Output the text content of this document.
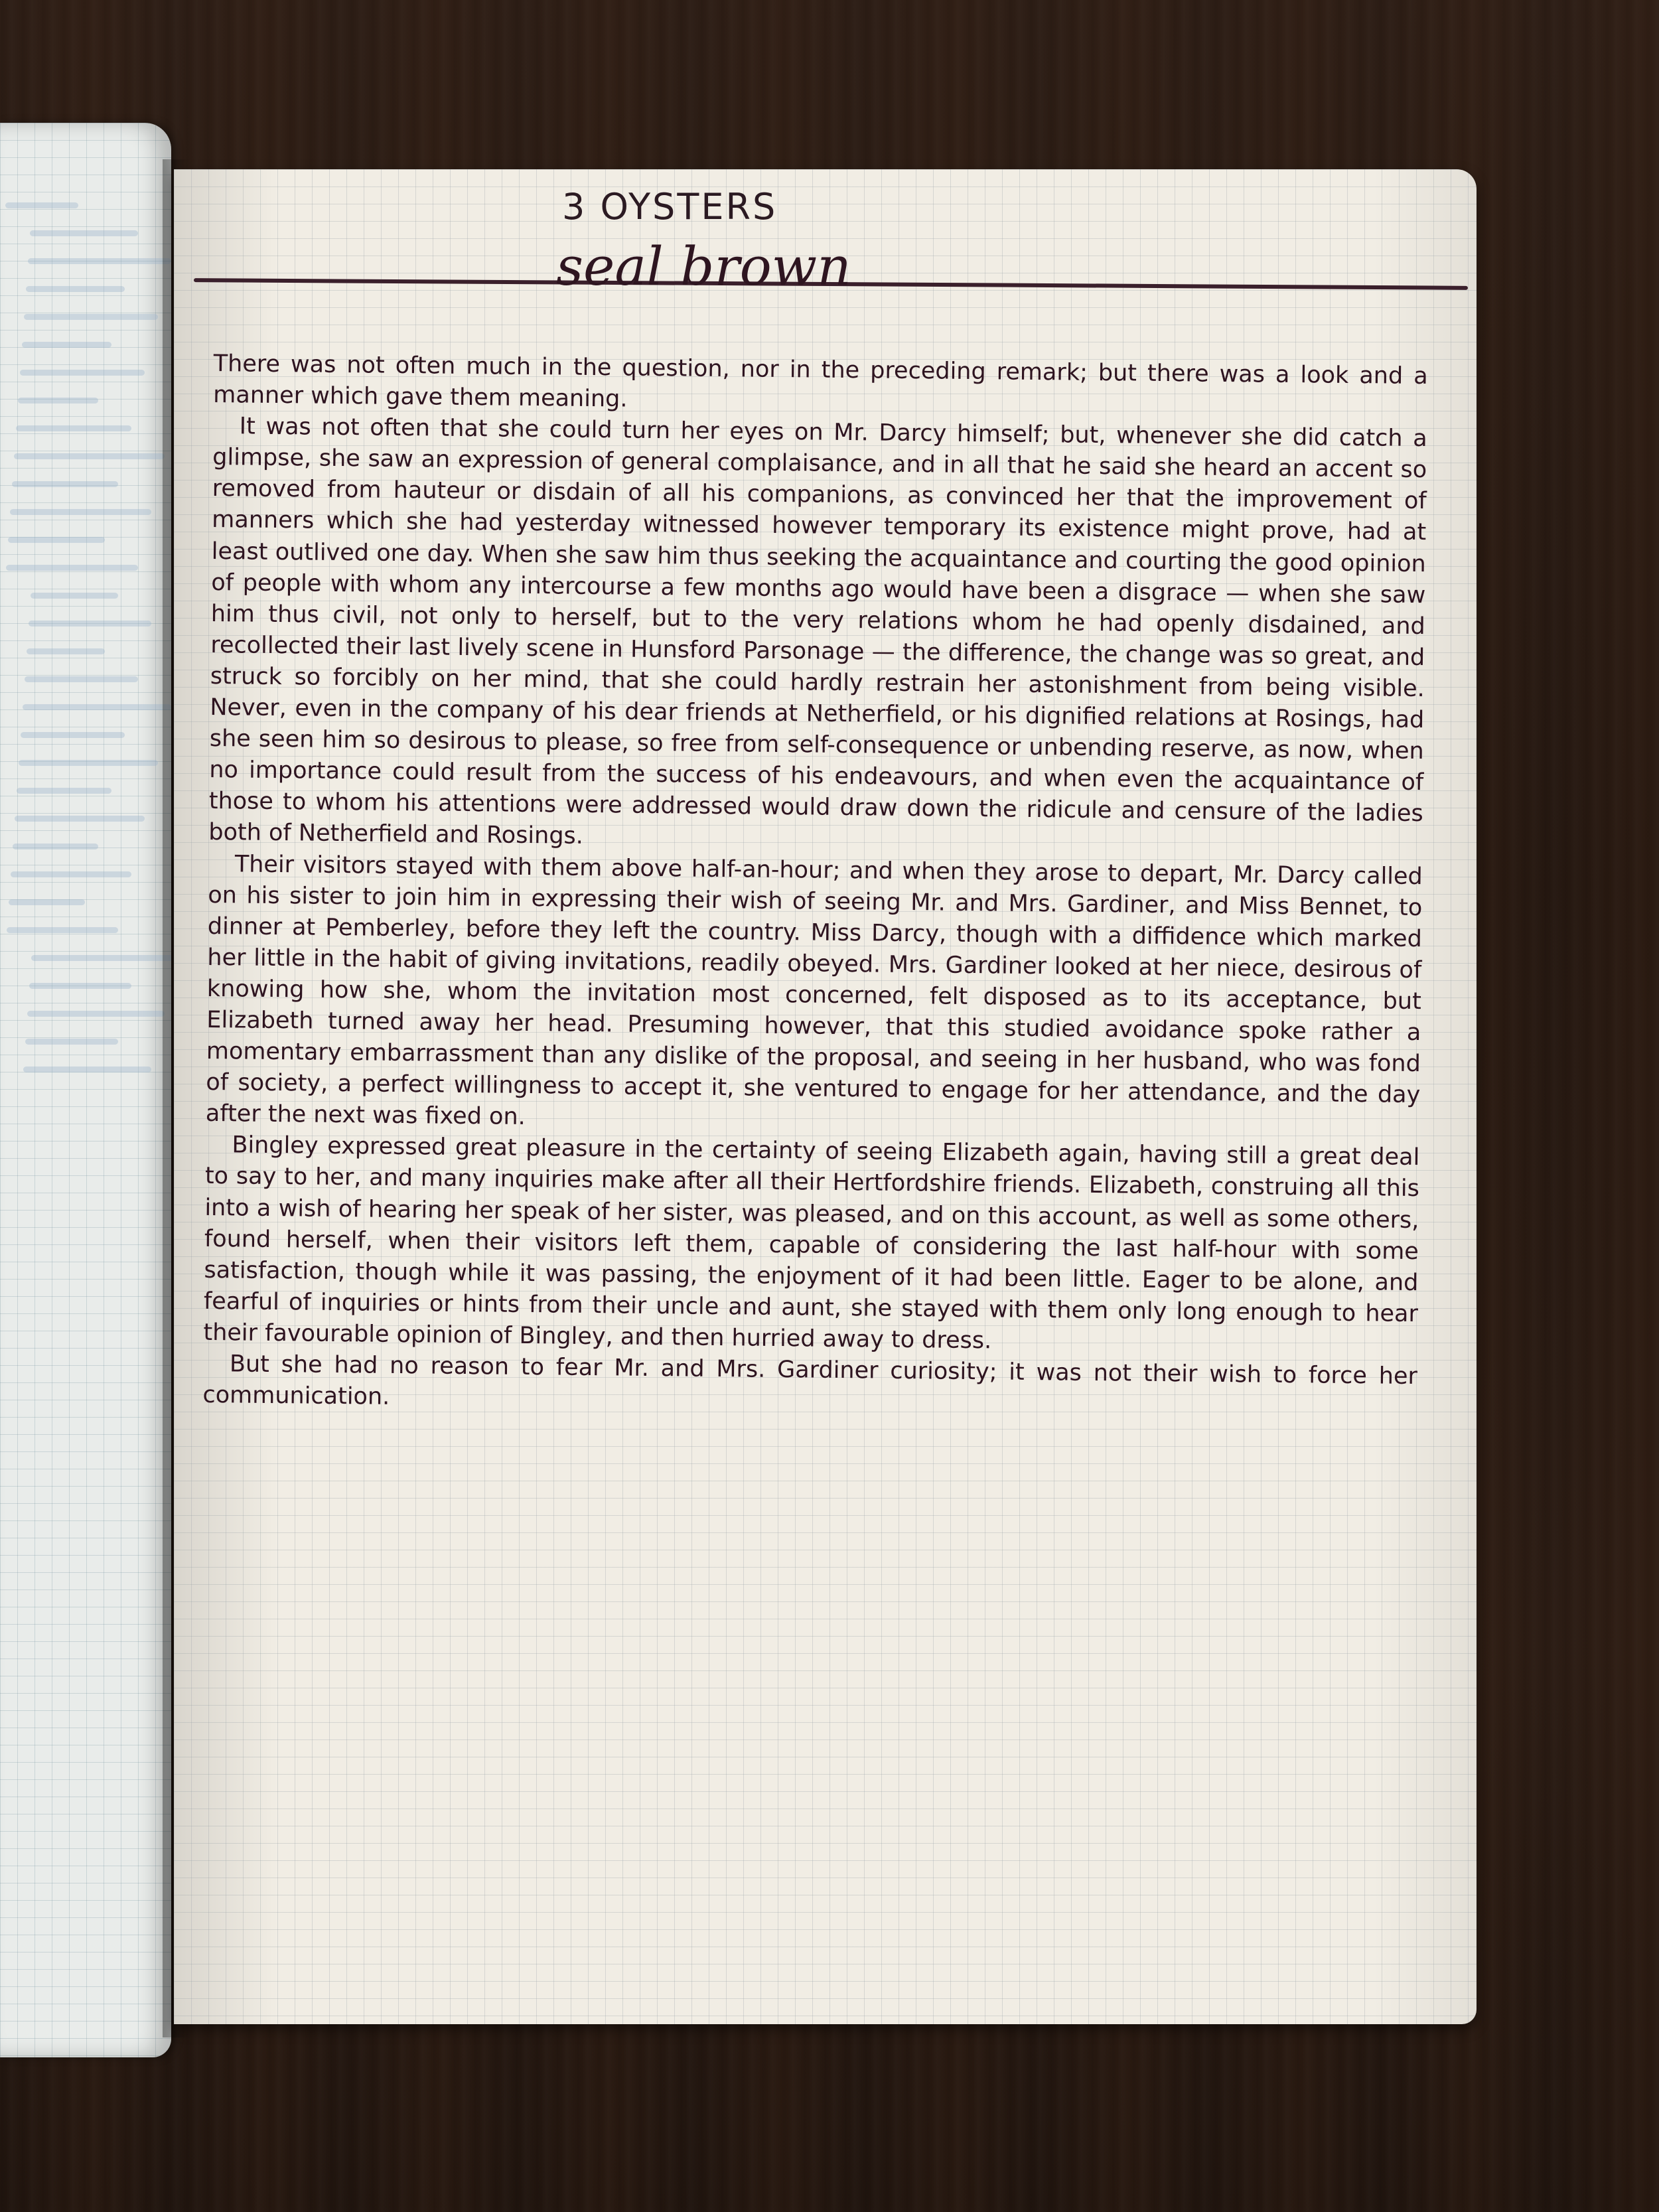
3 OYSTERS
seal brown

There was not often much in the question, nor in the preceding remark; but there was a look and a manner which gave them meaning.

It was not often that she could turn her eyes on Mr. Darcy himself; but, whenever she did catch a glimpse, she saw an expression of general complaisance, and in all that he said she heard an accent so removed from hauteur or disdain of all his companions, as convinced her that the improvement of manners which she had yesterday witnessed however temporary its existence might prove, had at least outlived one day. When she saw him thus seeking the acquaintance and courting the good opinion of people with whom any intercourse a few months ago would have been a disgrace — when she saw him thus civil, not only to herself, but to the very relations whom he had openly disdained, and recollected their last lively scene in Hunsford Parsonage — the difference, the change was so great, and struck so forcibly on her mind, that she could hardly restrain her astonishment from being visible. Never, even in the company of his dear friends at Netherfield, or his dignified relations at Rosings, had she seen him so desirous to please, so free from self-consequence or unbending reserve, as now, when no importance could result from the success of his endeavours, and when even the acquaintance of those to whom his attentions were addressed would draw down the ridicule and censure of the ladies both of Netherfield and Rosings.

Their visitors stayed with them above half-an-hour; and when they arose to depart, Mr. Darcy called on his sister to join him in expressing their wish of seeing Mr. and Mrs. Gardiner, and Miss Bennet, to dinner at Pemberley, before they left the country. Miss Darcy, though with a diffidence which marked her little in the habit of giving invitations, readily obeyed. Mrs. Gardiner looked at her niece, desirous of knowing how she, whom the invitation most concerned, felt disposed as to its acceptance, but Elizabeth turned away her head. Presuming however, that this studied avoidance spoke rather a momentary embarrassment than any dislike of the proposal, and seeing in her husband, who was fond of society, a perfect willingness to accept it, she ventured to engage for her attendance, and the day after the next was fixed on.

Bingley expressed great pleasure in the certainty of seeing Elizabeth again, having still a great deal to say to her, and many inquiries make after all their Hertfordshire friends. Elizabeth, construing all this into a wish of hearing her speak of her sister, was pleased, and on this account, as well as some others, found herself, when their visitors left them, capable of considering the last half-hour with some satisfaction, though while it was passing, the enjoyment of it had been little. Eager to be alone, and fearful of inquiries or hints from their uncle and aunt, she stayed with them only long enough to hear their favourable opinion of Bingley, and then hurried away to dress.

But she had no reason to fear Mr. and Mrs. Gardiner curiosity; it was not their wish to force her communication.
